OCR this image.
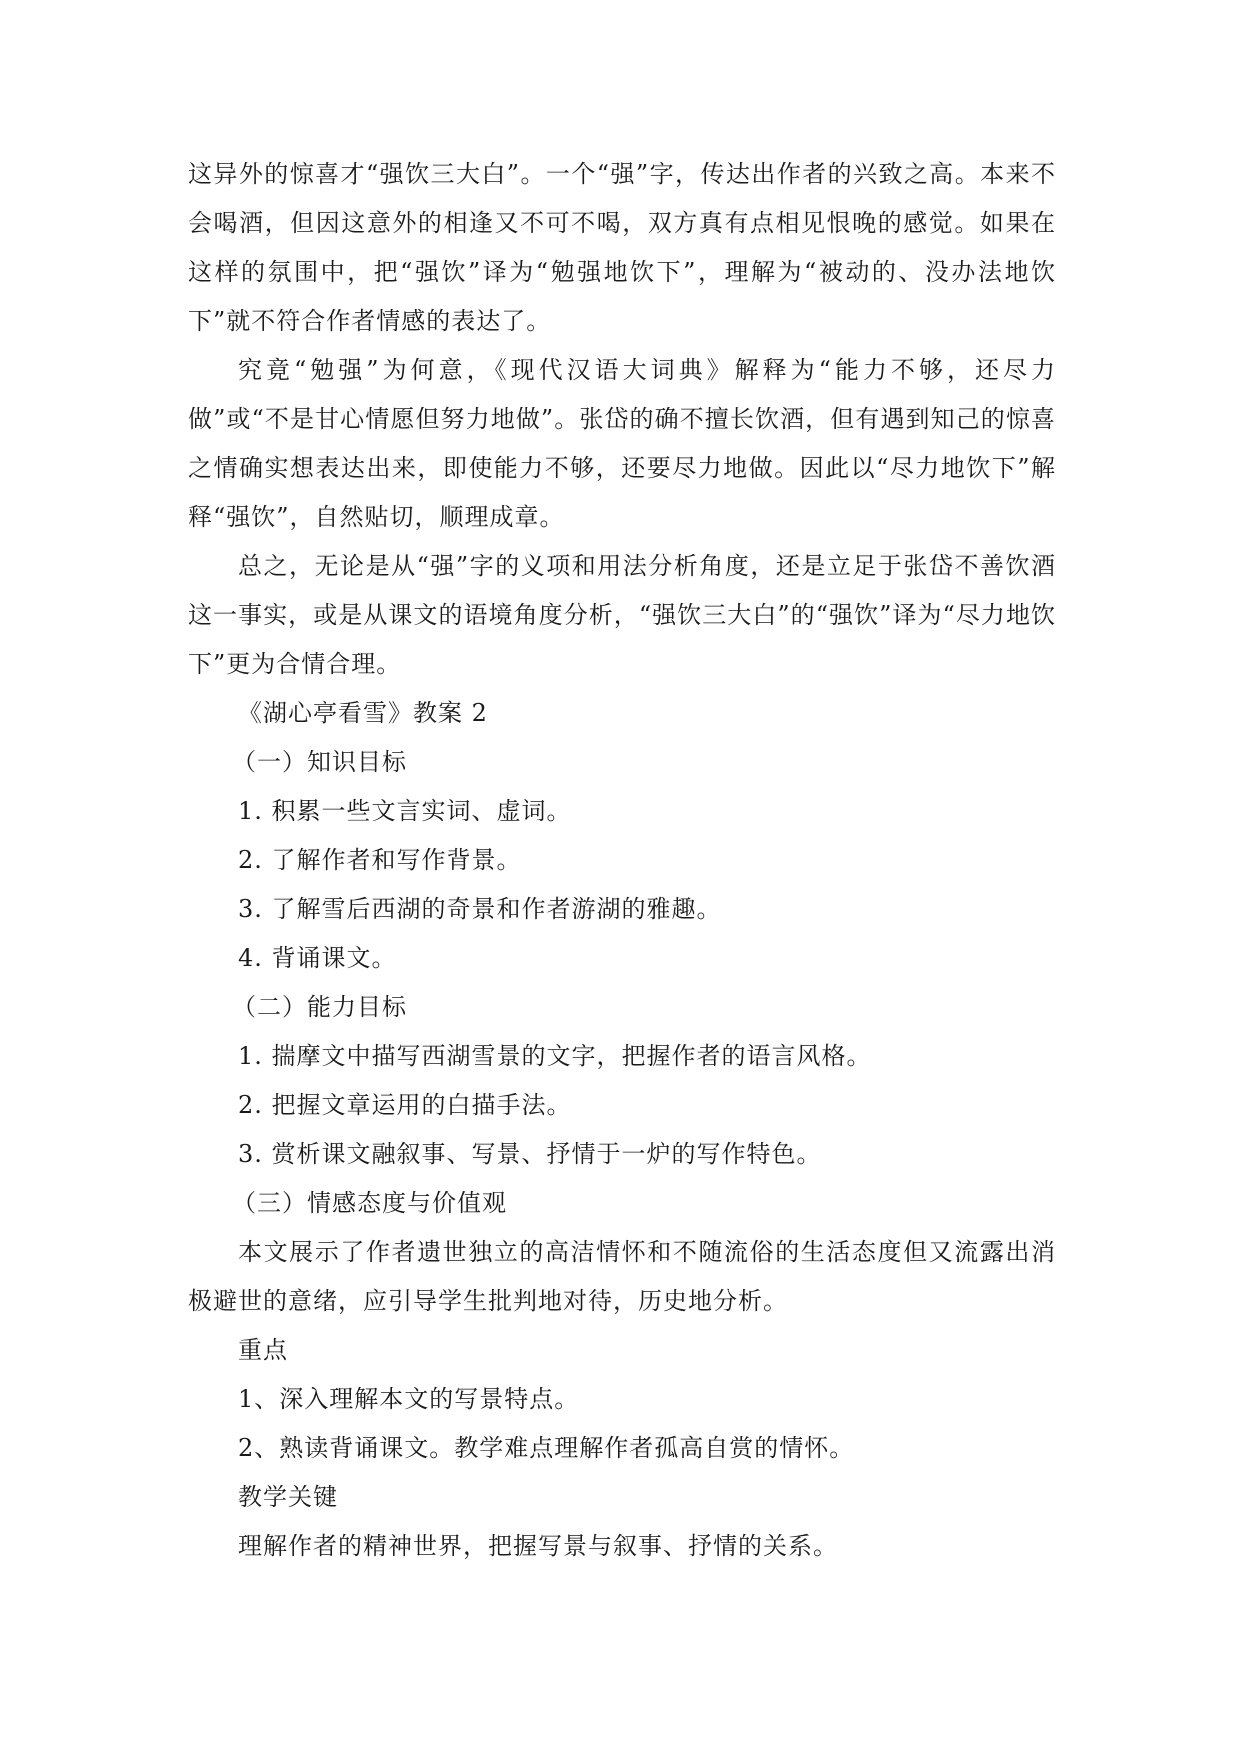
这异外的惊喜才“强饮三大白”。一个“强”字，传达出作者的兴致之高。本来不会喝酒，但因这意外的相逢又不可不喝，双方真有点相见恨晚的感觉。如果在这样的氛围中，把“强饮”译为“勉强地饮下”，理解为“被动的、没办法地饮下”就不符合作者情感的表达了。

究竟“勉强”为何意，《现代汉语大词典》解释为“能力不够，还尽力做”或“不是甘心情愿但努力地做”。张岱的确不擅长饮酒，但有遇到知己的惊喜之情确实想表达出来，即使能力不够，还要尽力地做。因此以“尽力地饮下”解释“强饮”，自然贴切，顺理成章。

总之，无论是从“强”字的义项和用法分析角度，还是立足于张岱不善饮酒这一事实，或是从课文的语境角度分析，“强饮三大白”的“强饮”译为“尽力地饮下”更为合情合理。

《湖心亭看雪》教案 2

（一）知识目标

1. 积累一些文言实词、虚词。

2. 了解作者和写作背景。

3. 了解雪后西湖的奇景和作者游湖的雅趣。

4. 背诵课文。

（二）能力目标

1. 揣摩文中描写西湖雪景的文字，把握作者的语言风格。

2. 把握文章运用的白描手法。

3. 赏析课文融叙事、写景、抒情于一炉的写作特色。

（三）情感态度与价值观

本文展示了作者遗世独立的高洁情怀和不随流俗的生活态度但又流露出消极避世的意绪，应引导学生批判地对待，历史地分析。

重点

1、深入理解本文的写景特点。

2、熟读背诵课文。教学难点理解作者孤高自赏的情怀。

教学关键

理解作者的精神世界，把握写景与叙事、抒情的关系。
